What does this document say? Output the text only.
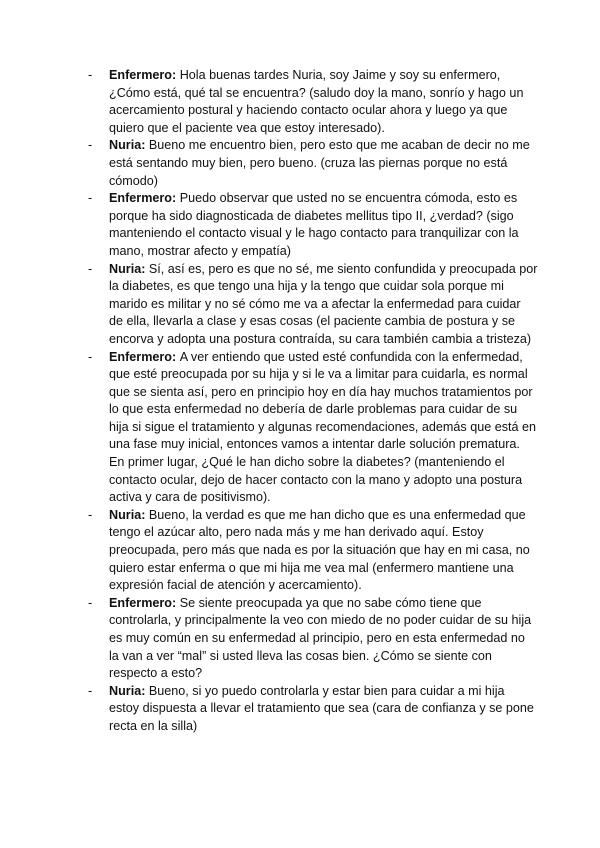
-	Enfermero: Hola buenas tardes Nuria, soy Jaime y soy su enfermero, ¿Cómo está, qué tal se encuentra? (saludo doy la mano, sonrío y hago un acercamiento postural y haciendo contacto ocular ahora y luego ya que quiero que el paciente vea que estoy interesado).
-	Nuria: Bueno me encuentro bien, pero esto que me acaban de decir no me está sentando muy bien, pero bueno. (cruza las piernas porque no está cómodo)
-	Enfermero: Puedo observar que usted no se encuentra cómoda, esto es porque ha sido diagnosticada de diabetes mellitus tipo II, ¿verdad? (sigo manteniendo el contacto visual y le hago contacto para tranquilizar con la mano, mostrar afecto y empatía)
-	Nuria: Sí, así es, pero es que no sé, me siento confundida y preocupada por la diabetes, es que tengo una hija y la tengo que cuidar sola porque mi marido es militar y no sé cómo me va a afectar la enfermedad para cuidar de ella, llevarla a clase y esas cosas (el paciente cambia de postura y se encorva y adopta una postura contraída, su cara también cambia a tristeza)
-	Enfermero: A ver entiendo que usted esté confundida con la enfermedad, que esté preocupada por su hija y si le va a limitar para cuidarla, es normal que se sienta así, pero en principio hoy en día hay muchos tratamientos por lo que esta enfermedad no debería de darle problemas para cuidar de su hija si sigue el tratamiento y algunas recomendaciones, además que está en una fase muy inicial, entonces vamos a intentar darle solución prematura. En primer lugar, ¿Qué le han dicho sobre la diabetes? (manteniendo el contacto ocular, dejo de hacer contacto con la mano y adopto una postura activa y cara de positivismo).
-	Nuria: Bueno, la verdad es que me han dicho que es una enfermedad que tengo el azúcar alto, pero nada más y me han derivado aquí. Estoy preocupada, pero más que nada es por la situación que hay en mi casa, no quiero estar enferma o que mi hija me vea mal (enfermero mantiene una expresión facial de atención y acercamiento).
-	Enfermero: Se siente preocupada ya que no sabe cómo tiene que controlarla, y principalmente la veo con miedo de no poder cuidar de su hija es muy común en su enfermedad al principio, pero en esta enfermedad no la van a ver “mal” si usted lleva las cosas bien. ¿Cómo se siente con respecto a esto?
-	Nuria: Bueno, si yo puedo controlarla y estar bien para cuidar a mi hija estoy dispuesta a llevar el tratamiento que sea (cara de confianza y se pone recta en la silla)
